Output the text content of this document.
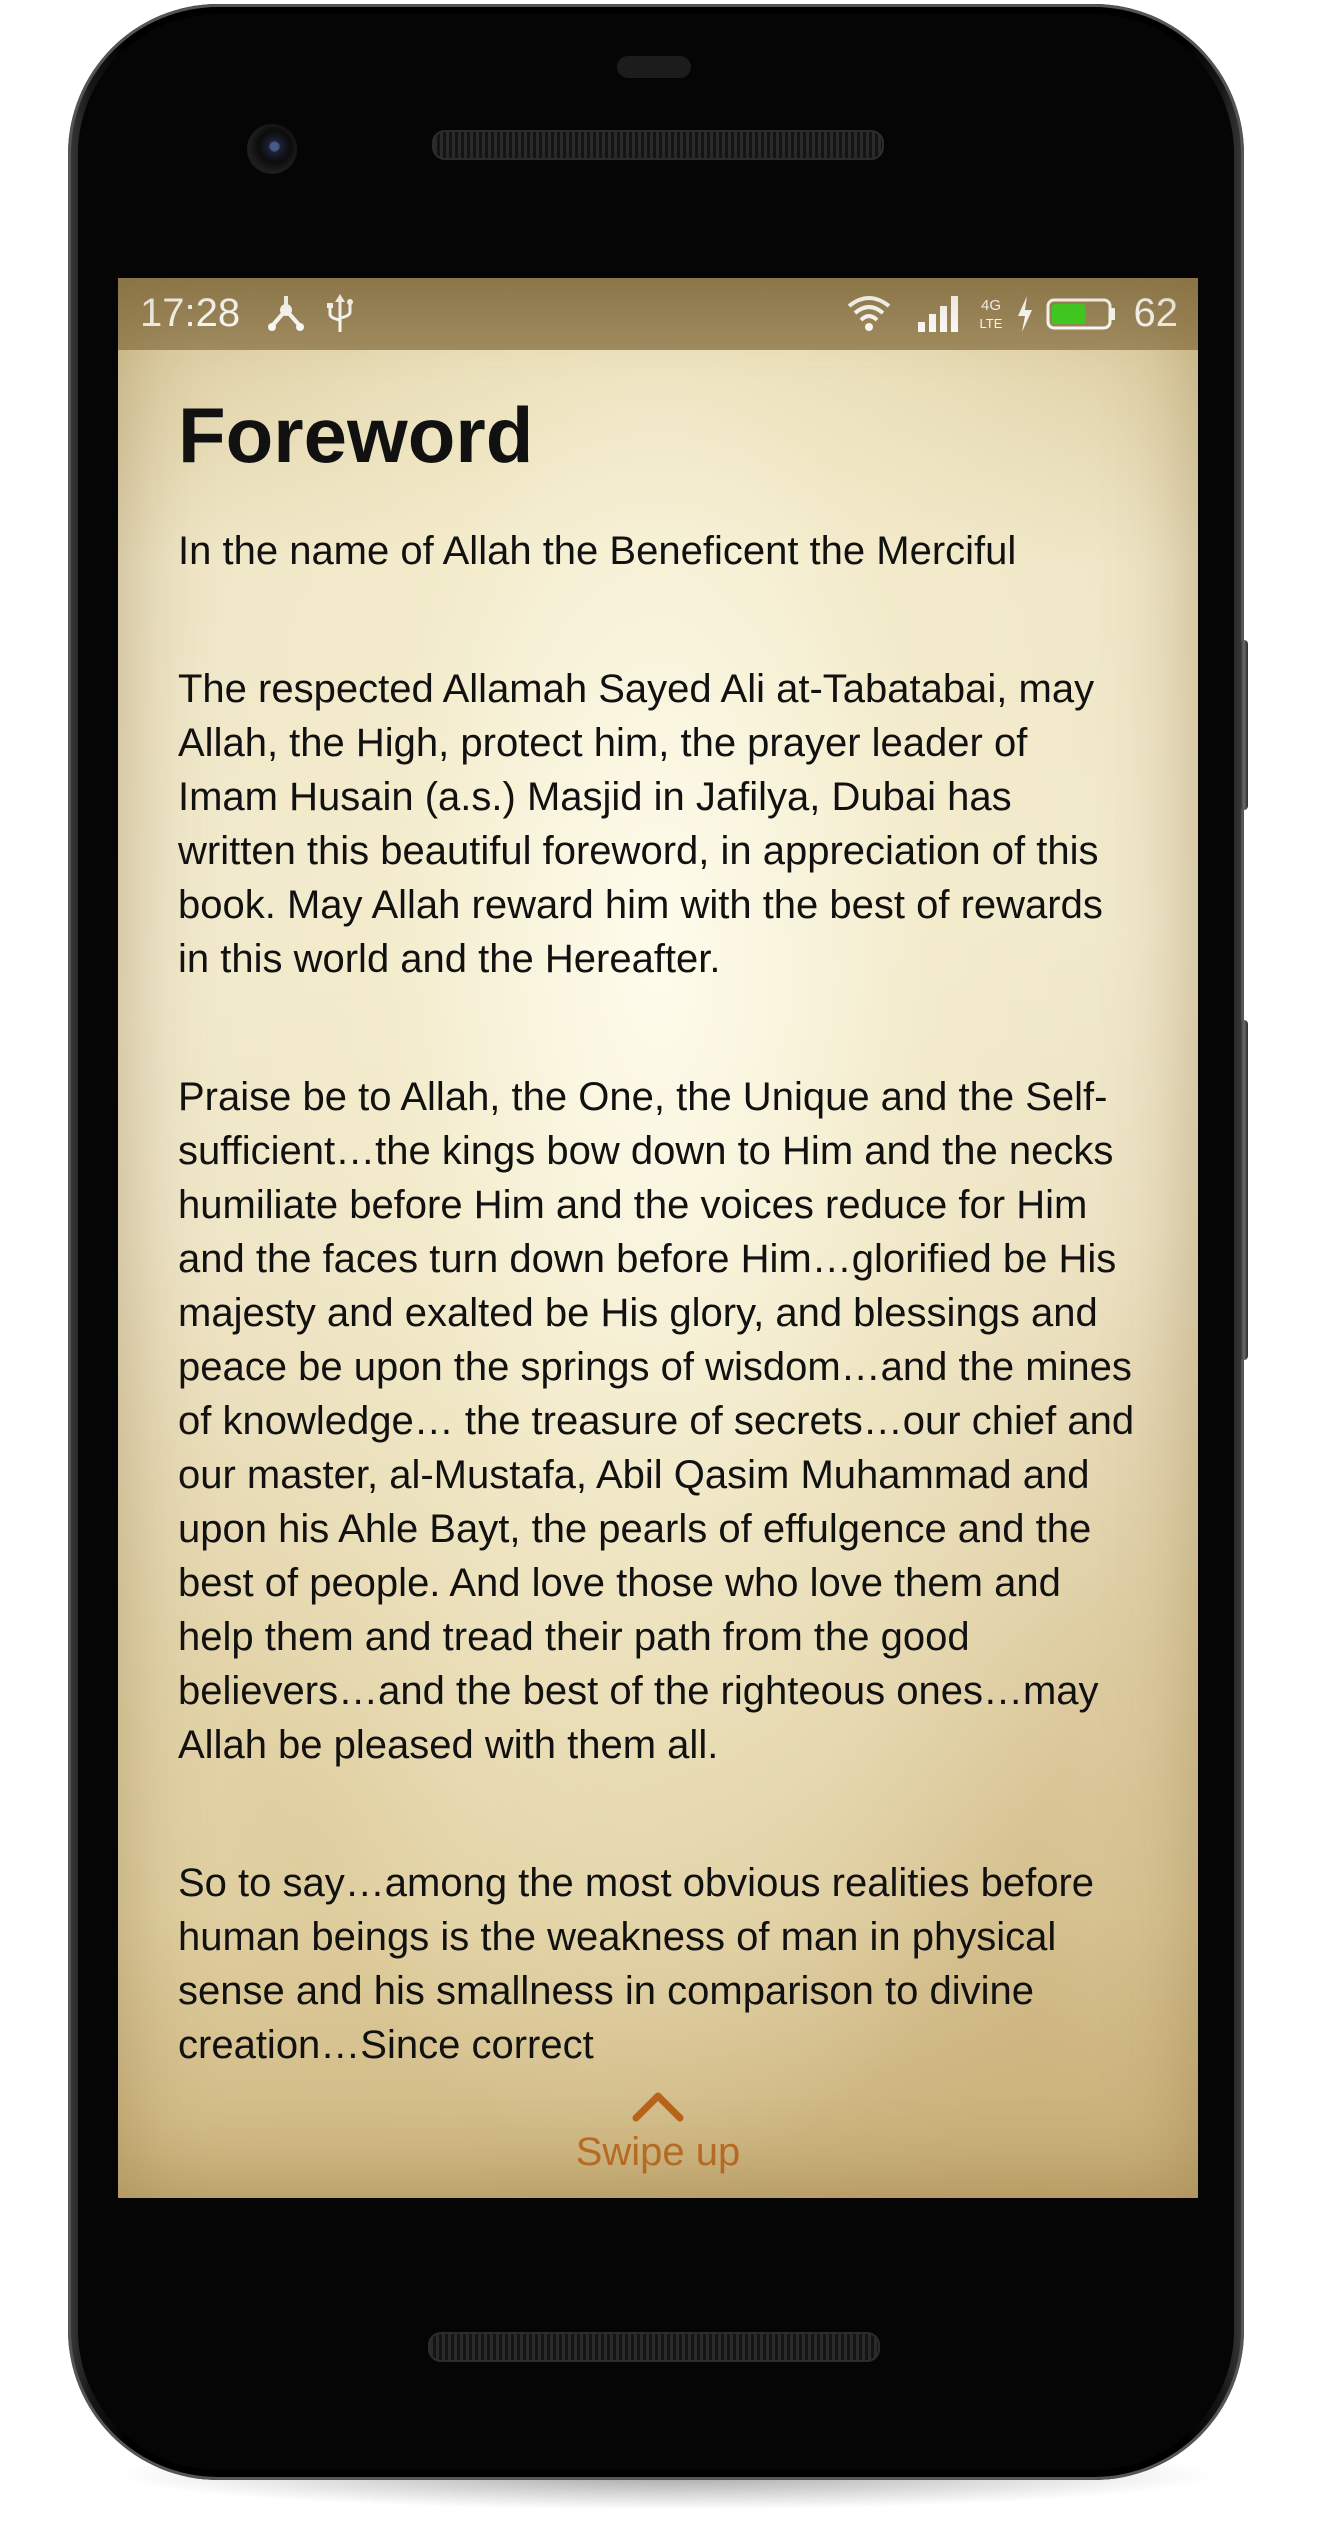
17:28	4G
LTE	62
Foreword

In the name of Allah the Beneficent the Merciful

The respected Allamah Sayed Ali at-Tabatabai, may Allah, the High, protect him, the prayer leader of Imam Husain (a.s.) Masjid in Jafilya, Dubai has written this beautiful foreword, in appreciation of this book. May Allah reward him with the best of rewards in this world and the Hereafter.

Praise be to Allah, the One, the Unique and the Self-sufficient…the kings bow down to Him and the necks humiliate before Him and the voices reduce for Him and the faces turn down before Him…glorified be His majesty and exalted be His glory, and blessings and peace be upon the springs of wisdom…and the mines of knowledge… the treasure of secrets…our chief and our master, al-Mustafa, Abil Qasim Muhammad and upon his Ahle Bayt, the pearls of effulgence and the best of people. And love those who love them and help them and tread their path from the good believers…and the best of the righteous ones…may Allah be pleased with them all.

So to say…among the most obvious realities before human beings is the weakness of man in physical sense and his smallness in comparison to divine creation…Since correct

Swipe up
